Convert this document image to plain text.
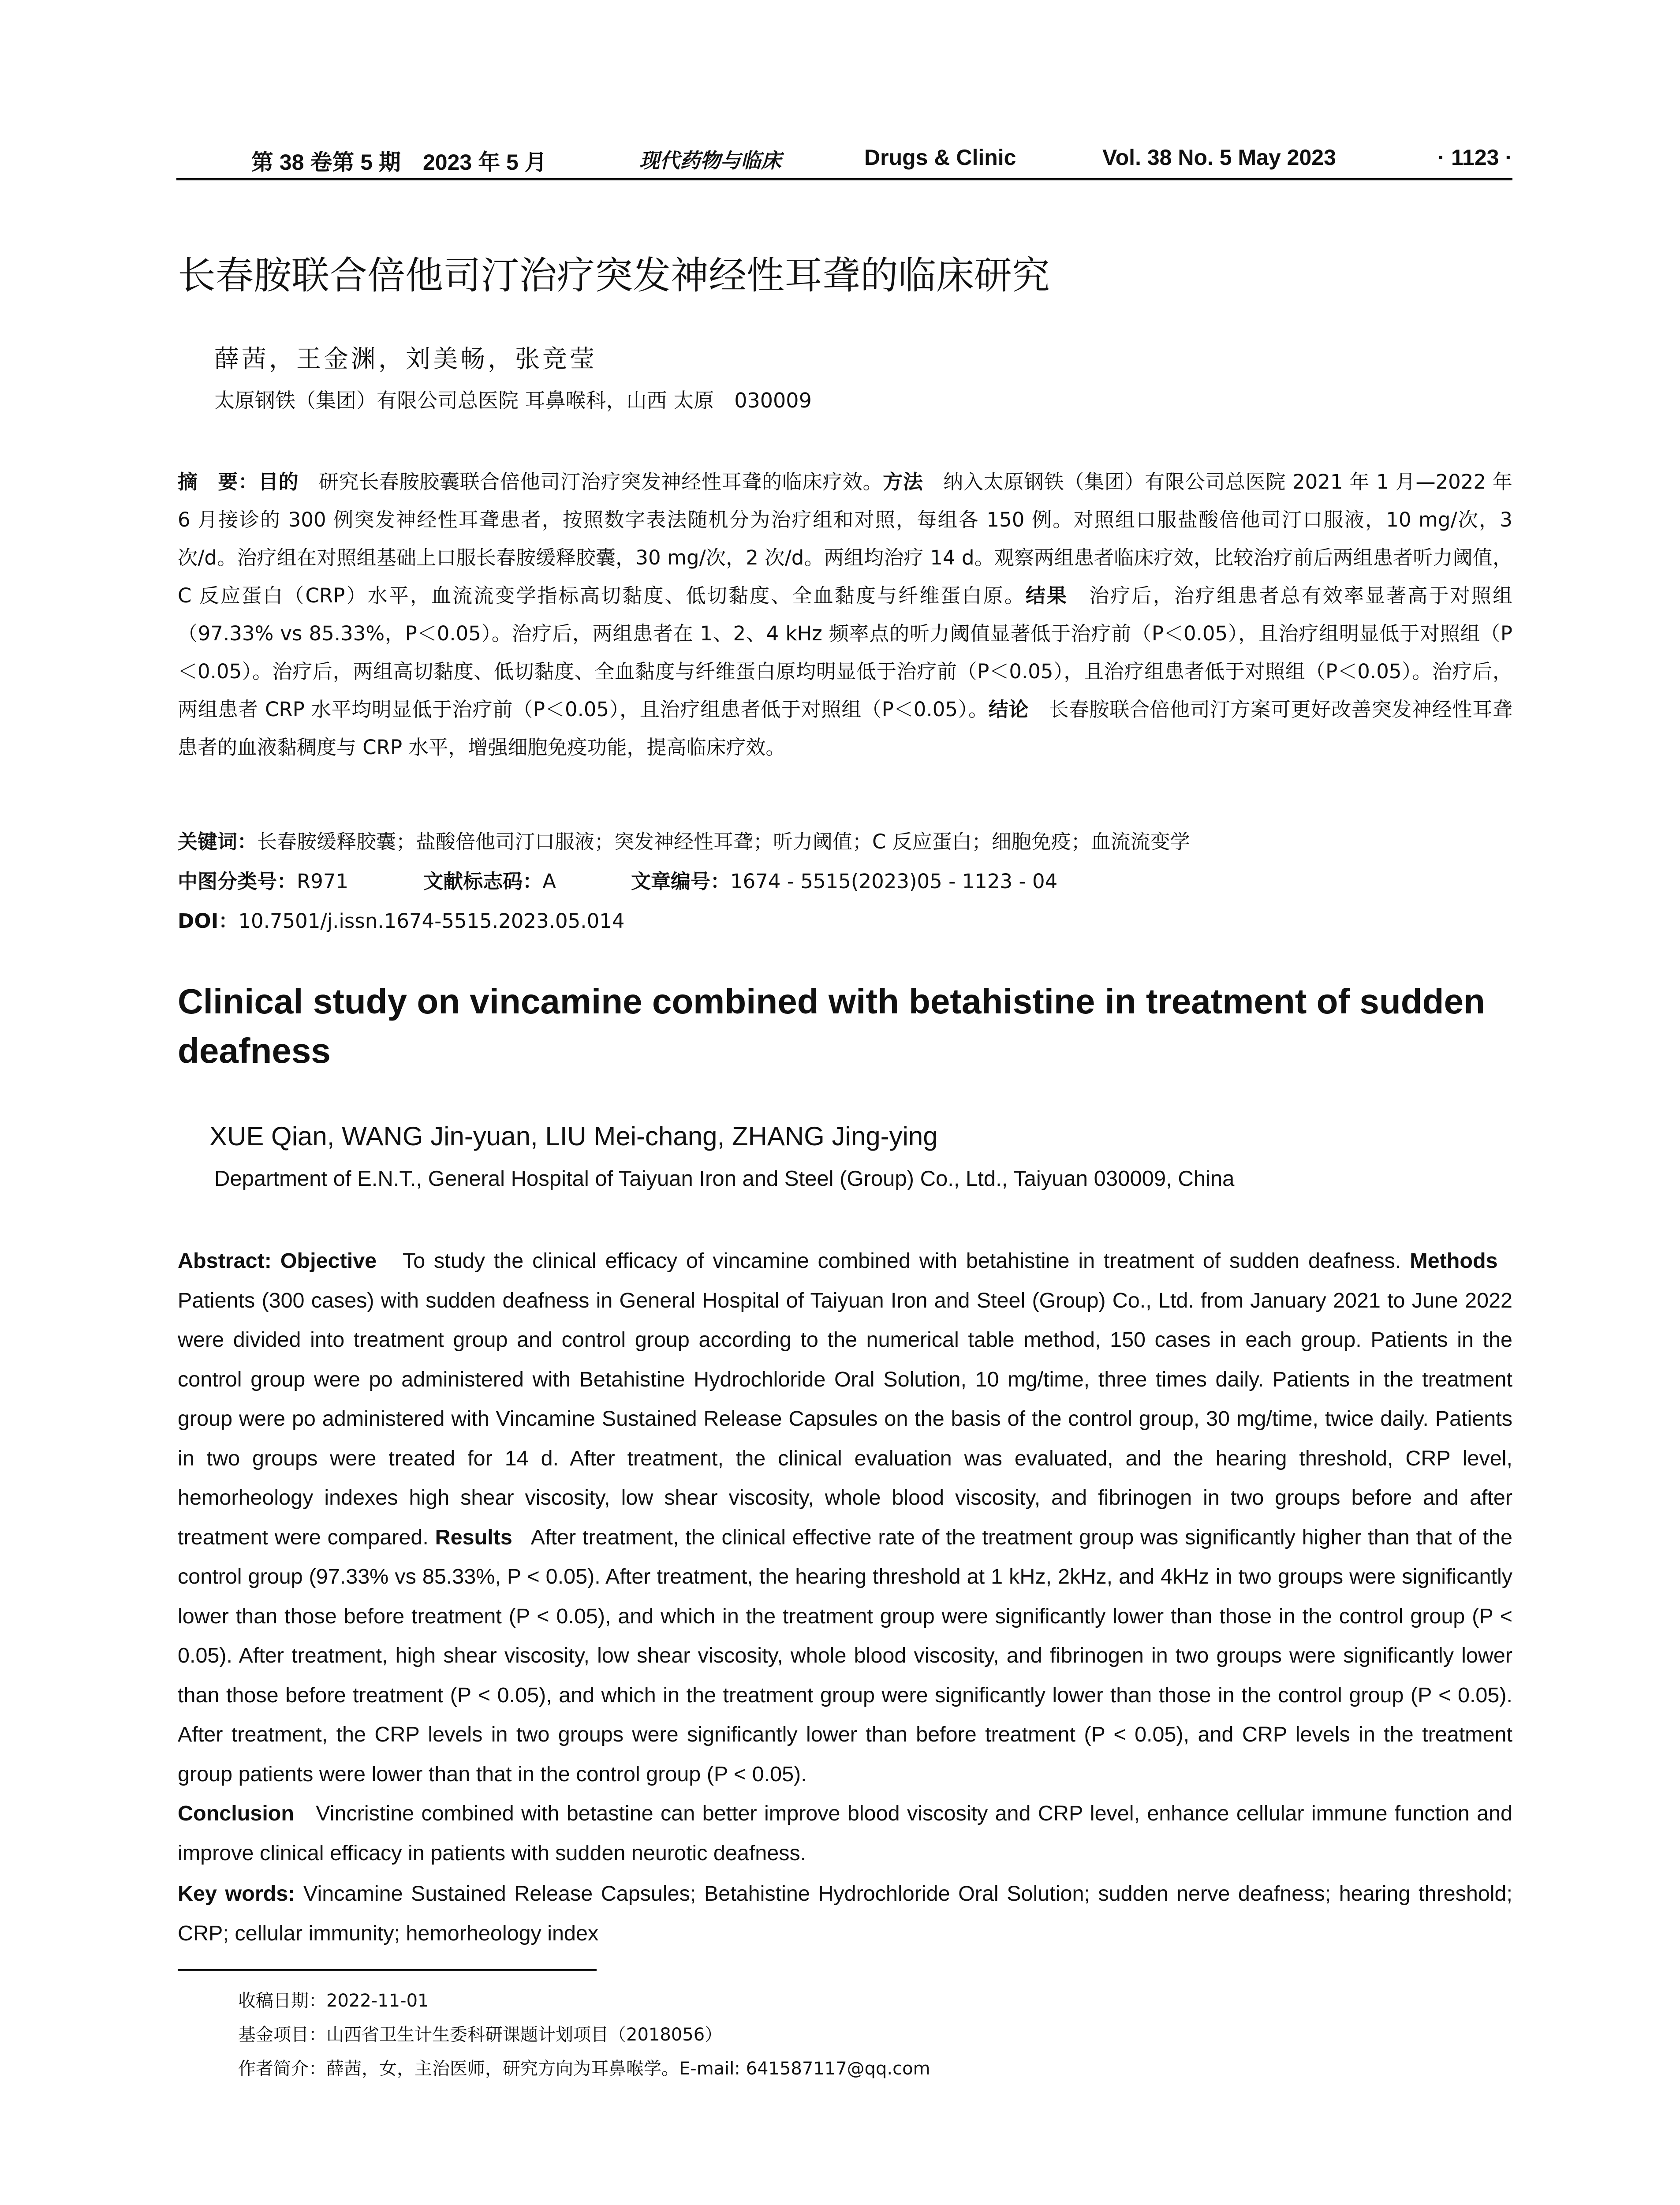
第 38 卷第 5 期　2023 年 5 月	现代药物与临床	Drugs & Clinic	Vol. 38 No. 5 May 2023	· 1123 ·
长春胺联合倍他司汀治疗突发神经性耳聋的临床研究
薛茜，王金渊，刘美畅，张竞莹
太原钢铁（集团）有限公司总医院 耳鼻喉科，山西 太原　030009
摘　要：目的　 研究长春胺胶囊联合倍他司汀治疗突发神经性耳聋的临床疗效。方法　 纳入太原钢铁（集团）有限公司总医院 2021 年 1 月—2022 年 6 月接诊的 300 例突发神经性耳聋患者，按照数字表法随机分为治疗组和对照，每组各 150 例。对照组口服盐酸倍他司汀口服液，10 mg/次，3 次/d。治疗组在对照组基础上口服长春胺缓释胶囊，30 mg/次，2 次/d。两组均治疗 14 d。观察两组患者临床疗效，比较治疗前后两组患者听力阈值，C 反应蛋白（CRP）水平，血流流变学指标高切黏度、低切黏度、全血黏度与纤维蛋白原。结果　 治疗后，治疗组患者总有效率显著高于对照组（97.33% vs 85.33%，P＜0.05）。治疗后，两组患者在 1、2、4 kHz 频率点的听力阈值显著低于治疗前（P＜0.05），且治疗组明显低于对照组（P＜0.05）。治疗后，两组高切黏度、低切黏度、全血黏度与纤维蛋白原均明显低于治疗前（P＜0.05），且治疗组患者低于对照组（P＜0.05）。治疗后，两组患者 CRP 水平均明显低于治疗前（P＜0.05），且治疗组患者低于对照组（P＜0.05）。结论　 长春胺联合倍他司汀方案可更好改善突发神经性耳聋患者的血液黏稠度与 CRP 水平，增强细胞免疫功能，提高临床疗效。
关键词：长春胺缓释胶囊；盐酸倍他司汀口服液；突发神经性耳聋；听力阈值；C 反应蛋白；细胞免疫；血流流变学
中图分类号：R971	文献标志码：A	文章编号：1674 - 5515(2023)05 - 1123 - 04
DOI：10.7501/j.issn.1674-5515.2023.05.014
Clinical study on vincamine combined with betahistine in treatment of sudden deafness
XUE Qian, WANG Jin-yuan, LIU Mei-chang, ZHANG Jing-ying
Department of E.N.T., General Hospital of Taiyuan Iron and Steel (Group) Co., Ltd., Taiyuan 030009, China
Abstract: Objective To study the clinical efficacy of vincamine combined with betahistine in treatment of sudden deafness. Methods   Patients (300 cases) with sudden deafness in General Hospital of Taiyuan Iron and Steel (Group) Co., Ltd. from January 2021 to June 2022 were divided into treatment group and control group according to the numerical table method, 150 cases in each group. Patients in the control group were po administered with Betahistine Hydrochloride Oral Solution, 10 mg/time, three times daily. Patients in the treatment group were po administered with Vincamine Sustained Release Capsules on the basis of the control group, 30 mg/time, twice daily. Patients in two groups were treated for 14 d. After treatment, the clinical evaluation was evaluated, and the hearing threshold, CRP level, hemorheology indexes high shear viscosity, low shear viscosity, whole blood viscosity, and fibrinogen in two groups before and after treatment were compared. Results After treatment, the clinical effective rate of the treatment group was significantly higher than that of the control group (97.33% vs 85.33%, P < 0.05). After treatment, the hearing threshold at 1 kHz, 2kHz, and 4kHz in two groups were significantly lower than those before treatment (P < 0.05), and which in the treatment group were significantly lower than those in the control group (P < 0.05). After treatment, high shear viscosity, low shear viscosity, whole blood viscosity, and fibrinogen in two groups were significantly lower than those before treatment (P < 0.05), and which in the treatment group were significantly lower than those in the control group (P < 0.05). After treatment, the CRP levels in two groups were significantly lower than before treatment (P < 0.05), and CRP levels in the treatment group patients were lower than that in the control group (P < 0.05).
Conclusion Vincristine combined with betastine can better improve blood viscosity and CRP level, enhance cellular immune function and improve clinical efficacy in patients with sudden neurotic deafness.
Key words: Vincamine Sustained Release Capsules; Betahistine Hydrochloride Oral Solution; sudden nerve deafness; hearing threshold; CRP; cellular immunity; hemorheology index
收稿日期：2022-11-01
基金项目：山西省卫生计生委科研课题计划项目（2018056）
作者简介：薛茜，女，主治医师，研究方向为耳鼻喉学。E-mail: 641587117@qq.com
